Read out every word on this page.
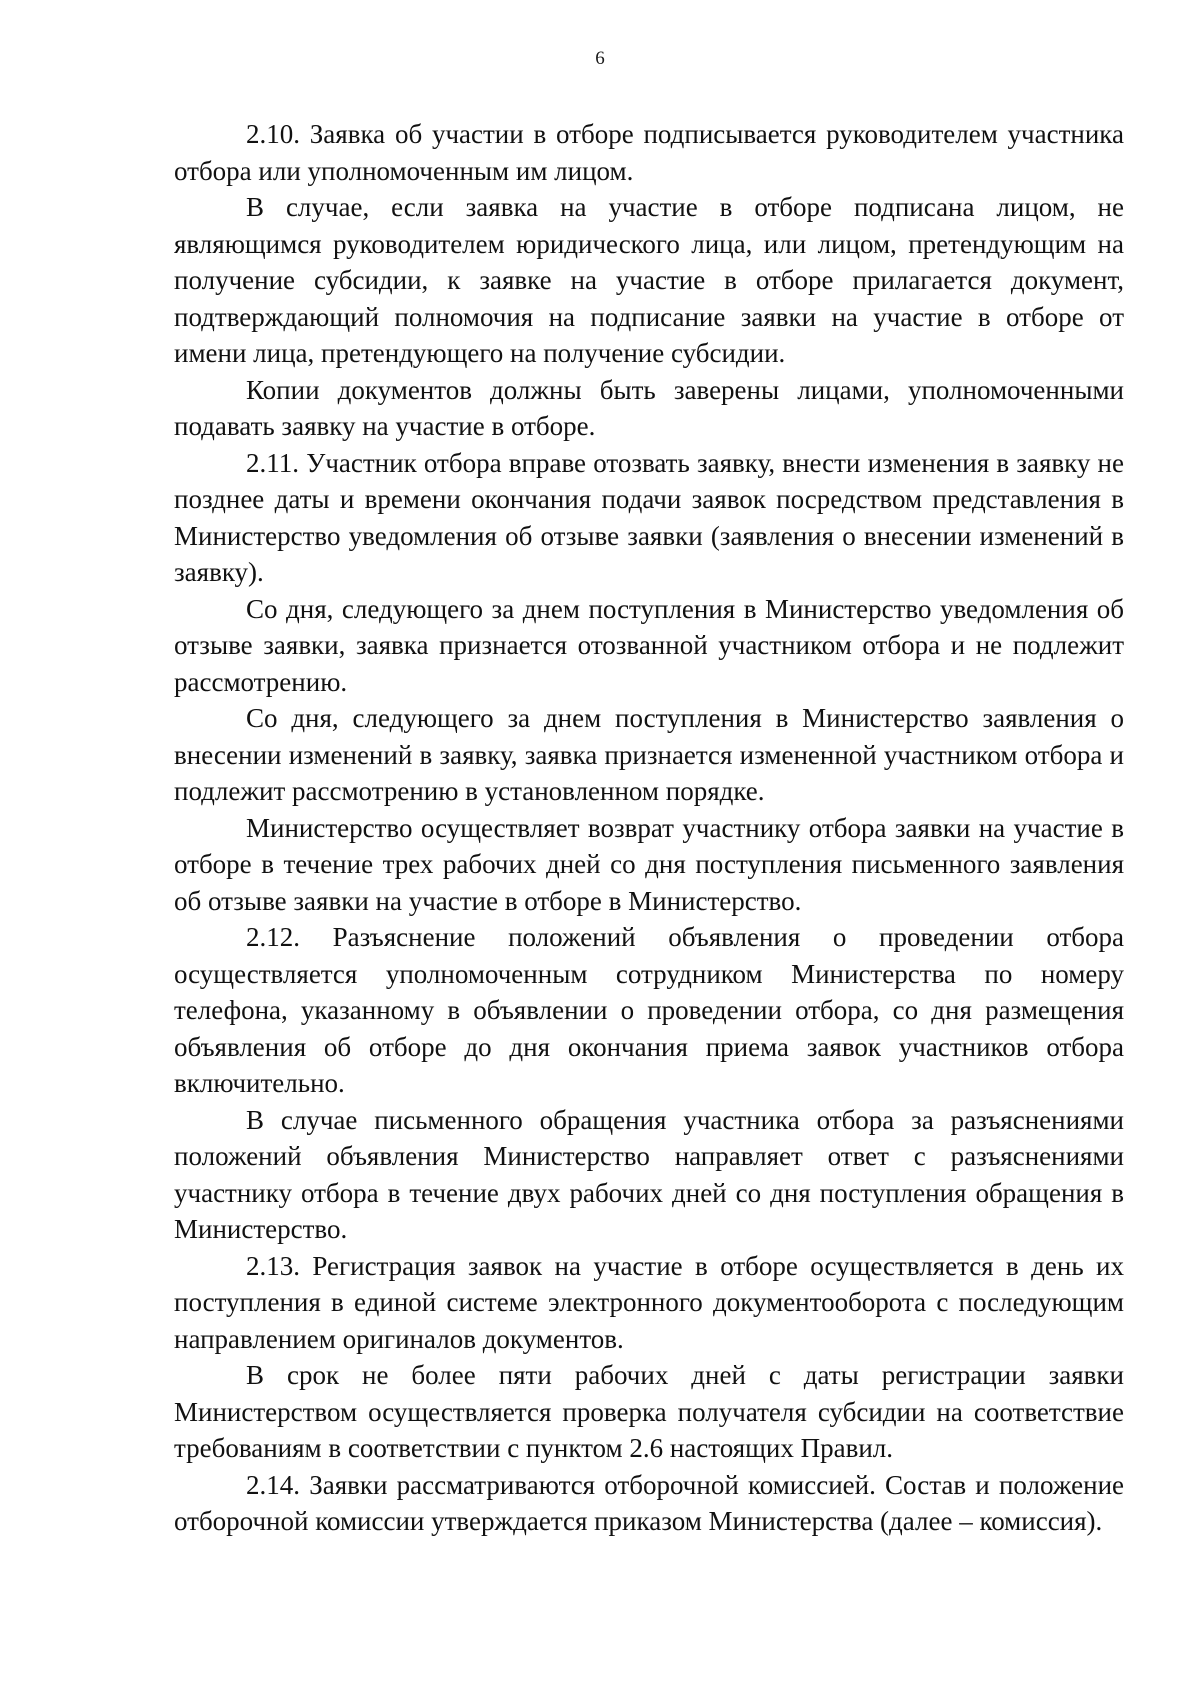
6

2.10. Заявка об участии в отборе подписывается руководителем участника отбора или уполномоченным им лицом.

В случае, если заявка на участие в отборе подписана лицом, не являющимся руководителем юридического лица, или лицом, претендующим на получение субсидии, к заявке на участие в отборе прилагается документ, подтверждающий полномочия на подписание заявки на участие в отборе от имени лица, претендующего на получение субсидии.

Копии документов должны быть заверены лицами, уполномоченными подавать заявку на участие в отборе.

2.11. Участник отбора вправе отозвать заявку, внести изменения в заявку не позднее даты и времени окончания подачи заявок посредством представления в Министерство уведомления об отзыве заявки (заявления о внесении изменений в заявку).

Со дня, следующего за днем поступления в Министерство уведомления об отзыве заявки, заявка признается отозванной участником отбора и не подлежит рассмотрению.

Со дня, следующего за днем поступления в Министерство заявления о внесении изменений в заявку, заявка признается измененной участником отбора и подлежит рассмотрению в установленном порядке.

Министерство осуществляет возврат участнику отбора заявки на участие в отборе в течение трех рабочих дней со дня поступления письменного заявления об отзыве заявки на участие в отборе в Министерство.

2.12. Разъяснение положений объявления о проведении отбора осуществляется уполномоченным сотрудником Министерства по номеру телефона, указанному в объявлении о проведении отбора, со дня размещения объявления об отборе до дня окончания приема заявок участников отбора включительно.

В случае письменного обращения участника отбора за разъяснениями положений объявления Министерство направляет ответ с разъяснениями участнику отбора в течение двух рабочих дней со дня поступления обращения в Министерство.

2.13. Регистрация заявок на участие в отборе осуществляется в день их поступления в единой системе электронного документооборота с последующим направлением оригиналов документов.

В срок не более пяти рабочих дней с даты регистрации заявки Министерством осуществляется проверка получателя субсидии на соответствие требованиям в соответствии с пунктом 2.6 настоящих Правил.

2.14. Заявки рассматриваются отборочной комиссией. Состав и положение отборочной комиссии утверждается приказом Министерства (далее – комиссия).
